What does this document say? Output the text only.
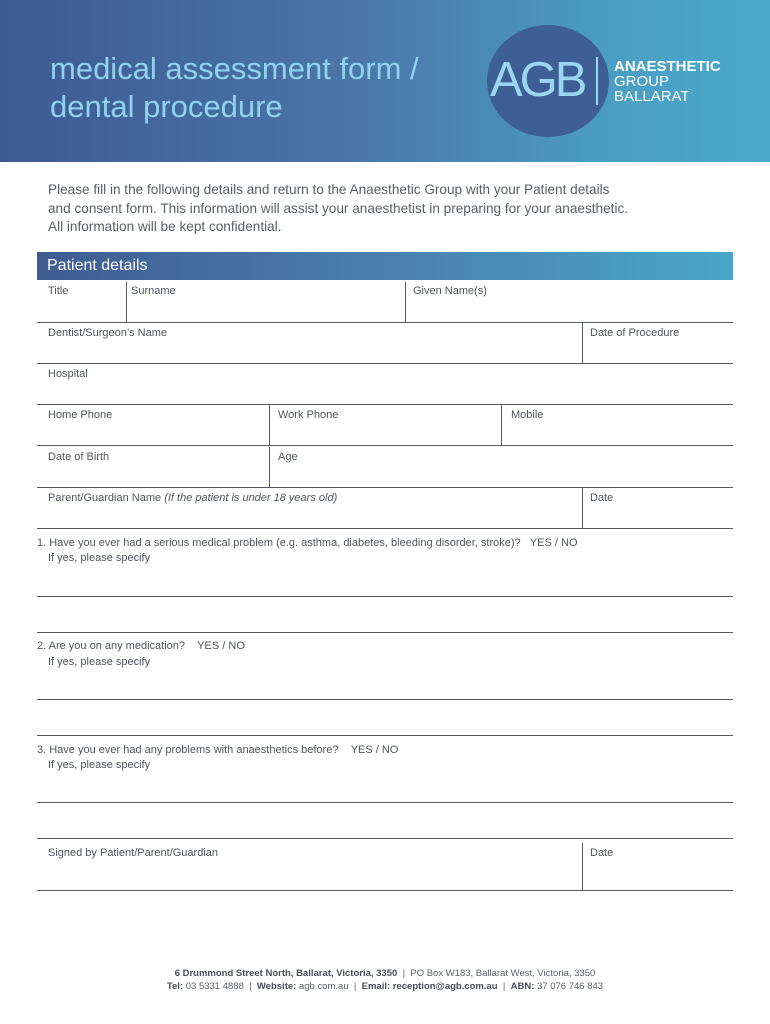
medical assessment form /
dental procedure	AGB ANAESTHETIC
GROUP
BALLARAT

Please fill in the following details and return to the Anaesthetic Group with your Patient details
and consent form. This information will assist your anaesthetist in preparing for your anaesthetic.
All information will be kept confidential.

Patient details
Title	Surname	Given Name(s)
Dentist/Surgeon’s Name	Date of Procedure
Hospital
Home Phone	Work Phone	Mobile
Date of Birth	Age
Parent/Guardian Name (If the patient is under 18 years old)	Date
1. Have you ever had a serious medical problem (e.g. asthma, diabetes, bleeding disorder, stroke)? YES / NO
If yes, please specify
2. Are you on any medication? YES / NO
If yes, please specify
3. Have you ever had any problems with anaesthetics before? YES / NO
If yes, please specify
Signed by Patient/Parent/Guardian	Date
6 Drummond Street North, Ballarat, Victoria, 3350 | PO Box W183, Ballarat West, Victoria, 3350
Tel: 03 5331 4888 | Website: agb.com.au | Email: reception@agb.com.au | ABN: 37 076 746 843
